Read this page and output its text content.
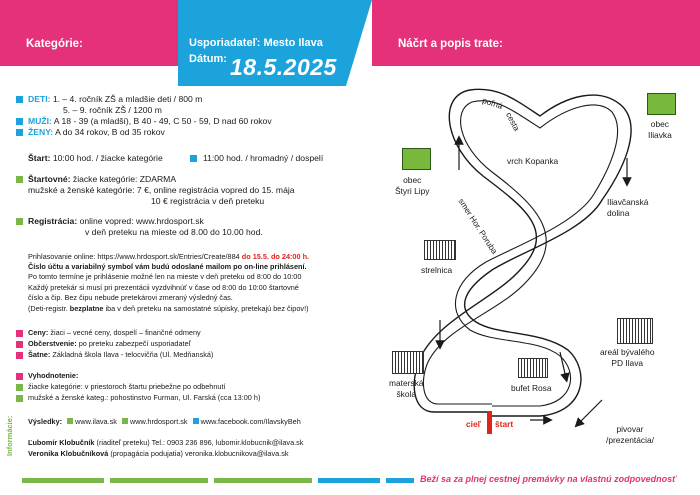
Kategórie:	Usporiadateľ: Mesto Ilava
Dátum: 18.5.2025
Náčrt a popis trate:
DETI: 1. – 4. ročník ZŠ a mladšie deti / 800 m
5. – 9. ročník ZŠ / 1200 m
MUŽI: A 18 - 39 (a mladší), B 40 - 49, C 50 - 59, D nad 60 rokov
ŽENY: A do 34 rokov, B od 35 rokov
Štart: 10:00 hod. / žiacke kategórie	11:00 hod. / hromadný / dospelí
Štartovné: žiacke kategórie: ZDARMA
mužské a ženské kategórie: 7 €, online registrácia vopred do 15. mája
10 € registrácia v deň preteku
Registrácia: online vopred: www.hrdosport.sk
v deň preteku na mieste od 8.00 do 10.00 hod.
Prihlasovanie online: https://www.hrdosport.sk/Entries/Create/884 do 15.5. do 24:00 h.
Číslo účtu a variabilný symbol vám budú odoslané mailom po on-line prihlásení.
Po tomto termíne je prihlásenie možné len na mieste v deň preteku od 8:00 do 10:00
Každý pretekár si musí pri prezentácii vyzdvihnúť v čase od 8:00 do 10:00 štartovné
číslo a čip. Bez čipu nebude pretekárovi zmeraný výsledný čas.
(Deti-registr. bezplatne iba v deň preteku na samostatné súpisky, pretekajú bez čipov!)
Ceny: žiaci – vecné ceny, dospelí – finančné odmeny
Občerstvenie: po preteku zabezpečí usporiadateľ
Šatne: Základná škola Ilava - telocvičňa (Ul. Medňanská)
Vyhodnotenie:
žiacke kategórie: v priestoroch štartu priebežne po odbehnutí
mužské a ženské kateg.: pohostinstvo Furman, Ul. Farská (cca 13:00 h)
Informácie: Výsledky: www.ilava.sk www.hrdosport.sk www.facebook.com/IlavskyBeh
Ľubomír Klobučník (riaditeľ preteku) Tel.: 0903 236 896, lubomir.klobucnik@ilava.sk
Veronika Klobučníková (propagácia podujatia) veronika.klobucnikova@ilava.sk
Beží sa za plnej cestnej premávky na vlastnú zodpovednosť
obec
Štyri Lipy
obec
Iliavka
vrch Kopanka
poľná
cesta
Iliavčanská
dolina
smer Hor. Poruba
strelnica
areál bývalého
PD Ilava
materská
škola
bufet Rosa
pivovar
/prezentácia/
cieľ štart
